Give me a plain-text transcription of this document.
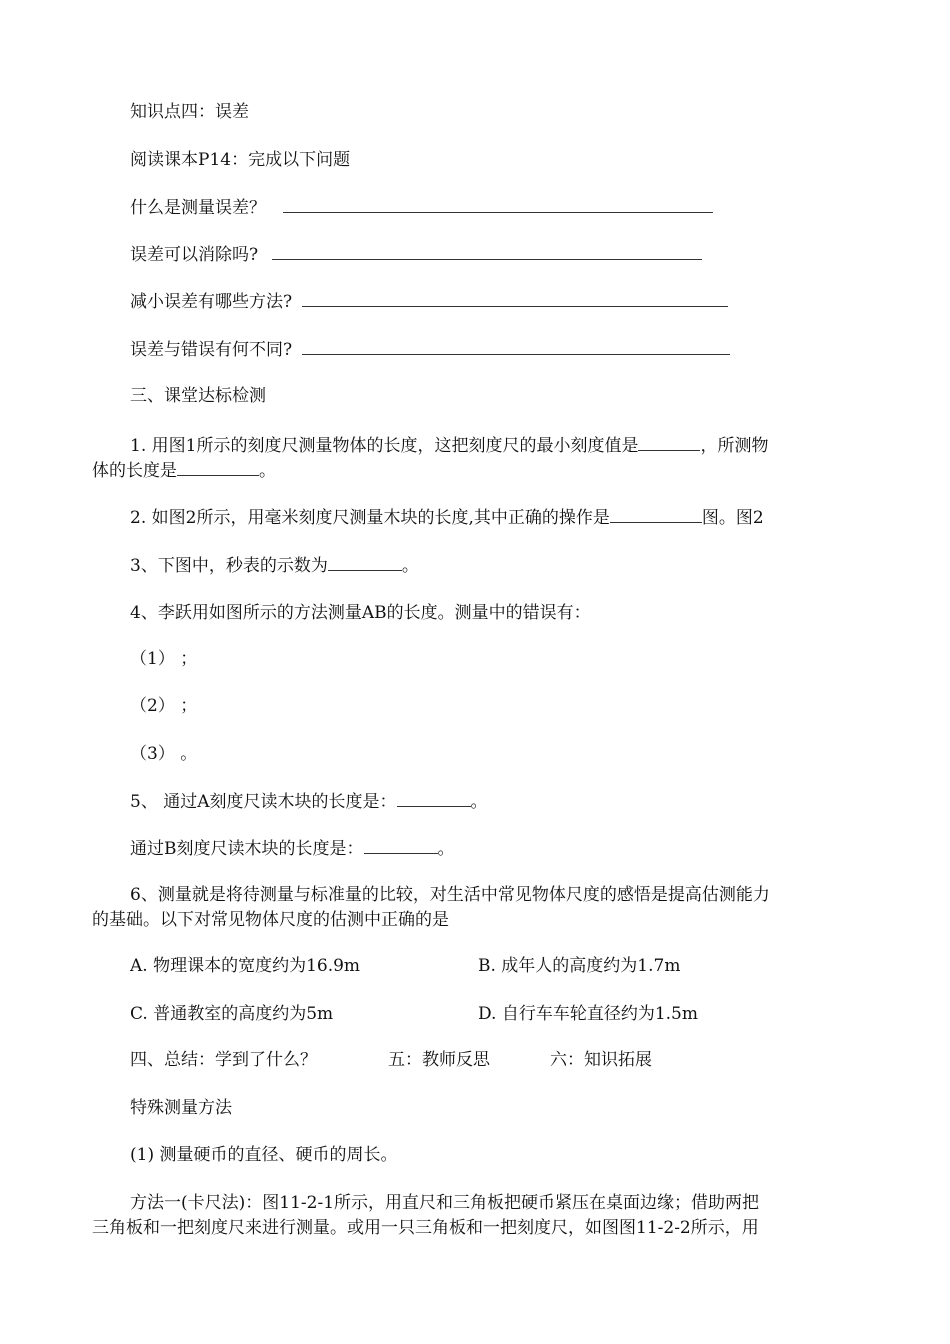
知识点四：误差
阅读课本P14：完成以下问题
什么是测量误差？
误差可以消除吗?
减小误差有哪些方法?
误差与错误有何不同?
三、课堂达标检测
1. 用图1所示的刻度尺测量物体的长度，这把刻度尺的最小刻度值是	，所测物
体的长度是	。
2. 如图2所示，用毫米刻度尺测量木块的长度,其中正确的操作是	图。图2
3、下图中，秒表的示数为	。
4、李跃用如图所示的方法测量AB的长度。测量中的错误有：
（1） ；
（2） ；
（3） 。
5、 通过A刻度尺读木块的长度是：	。
通过B刻度尺读木块的长度是：	。
6、测量就是将待测量与标准量的比较，对生活中常见物体尺度的感悟是提高估测能力
的基础。以下对常见物体尺度的估测中正确的是
A. 物理课本的宽度约为16.9m	B. 成年人的高度约为1.7m
C. 普通教室的高度约为5m	D. 自行车车轮直径约为1.5m
四、总结：学到了什么？	五：教师反思	六：知识拓展
特殊测量方法
(1) 测量硬币的直径、硬币的周长。
方法一(卡尺法)：图11-2-1所示，用直尺和三角板把硬币紧压在桌面边缘；借助两把
三角板和一把刻度尺来进行测量。或用一只三角板和一把刻度尺，如图图11-2-2所示，用
